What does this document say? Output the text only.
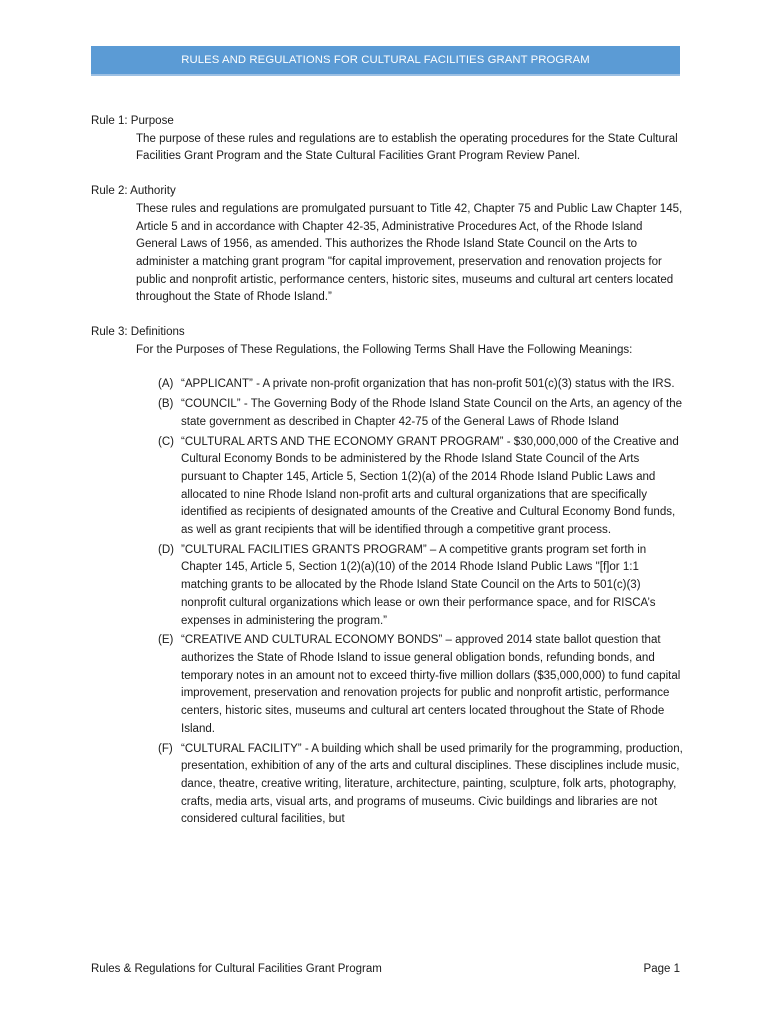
RULES AND REGULATIONS FOR CULTURAL FACILITIES GRANT PROGRAM

Rule 1: Purpose

The purpose of these rules and regulations are to establish the operating procedures for the State Cultural Facilities Grant Program and the State Cultural Facilities Grant Program Review Panel.

Rule 2: Authority

These rules and regulations are promulgated pursuant to Title 42, Chapter 75 and Public Law Chapter 145, Article 5 and in accordance with Chapter 42-35, Administrative Procedures Act, of the Rhode Island General Laws of 1956, as amended. This authorizes the Rhode Island State Council on the Arts to administer a matching grant program "for capital improvement, preservation and renovation projects for public and nonprofit artistic, performance centers, historic sites, museums and cultural art centers located throughout the State of Rhode Island.”

Rule 3: Definitions

For the Purposes of These Regulations, the Following Terms Shall Have the Following Meanings:

(A) “APPLICANT” - A private non-profit organization that has non-profit 501(c)(3) status with the IRS.
(B) “COUNCIL” - The Governing Body of the Rhode Island State Council on the Arts, an agency of the state government as described in Chapter 42-75 of the General Laws of Rhode Island
(C) “CULTURAL ARTS AND THE ECONOMY GRANT PROGRAM” - $30,000,000 of the Creative and Cultural Economy Bonds to be administered by the Rhode Island State Council of the Arts pursuant to Chapter 145, Article 5, Section 1(2)(a) of the 2014 Rhode Island Public Laws and allocated to nine Rhode Island non-profit arts and cultural organizations that are specifically identified as recipients of designated amounts of the Creative and Cultural Economy Bond funds, as well as grant recipients that will be identified through a competitive grant process.
(D) ”CULTURAL FACILITIES GRANTS PROGRAM” – A competitive grants program set forth in Chapter 145, Article 5, Section 1(2)(a)(10) of the 2014 Rhode Island Public Laws "[f]or 1:1 matching grants to be allocated by the Rhode Island State Council on the Arts to 501(c)(3) nonprofit cultural organizations which lease or own their performance space, and for RISCA’s expenses in administering the program.”
(E) “CREATIVE AND CULTURAL ECONOMY BONDS” – approved 2014 state ballot question that authorizes the State of Rhode Island to issue general obligation bonds, refunding bonds, and temporary notes in an amount not to exceed thirty-five million dollars ($35,000,000) to fund capital improvement, preservation and renovation projects for public and nonprofit artistic, performance centers, historic sites, museums and cultural art centers located throughout the State of Rhode Island.
(F) “CULTURAL FACILITY” - A building which shall be used primarily for the programming, production, presentation, exhibition of any of the arts and cultural disciplines. These disciplines include music, dance, theatre, creative writing, literature, architecture, painting, sculpture, folk arts, photography, crafts, media arts, visual arts, and programs of museums. Civic buildings and libraries are not considered cultural facilities, but
Rules & Regulations for Cultural Facilities Grant Program	Page 1
